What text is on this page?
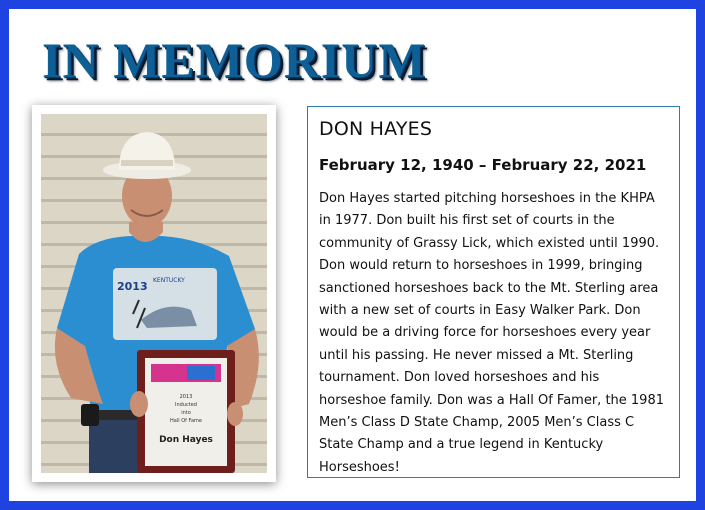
IN MEMORIUM
2013 KENTUCKY
2013
Inducted
into
Hall Of Fame
Don Hayes
DON HAYES
February 12, 1940 – February 22, 2021

Don Hayes started pitching horseshoes in the KHPA in 1977. Don built his first set of courts in the community of Grassy Lick, which existed until 1990. Don would return to horseshoes in 1999, bringing sanctioned horseshoes back to the Mt. Sterling area with a new set of courts in Easy Walker Park. Don would be a driving force for horseshoes every year until his passing. He never missed a Mt. Sterling tournament. Don loved horseshoes and his horseshoe family. Don was a Hall Of Famer, the 1981 Men’s Class D State Champ, 2005 Men’s Class C State Champ and a true legend in Kentucky Horseshoes!
